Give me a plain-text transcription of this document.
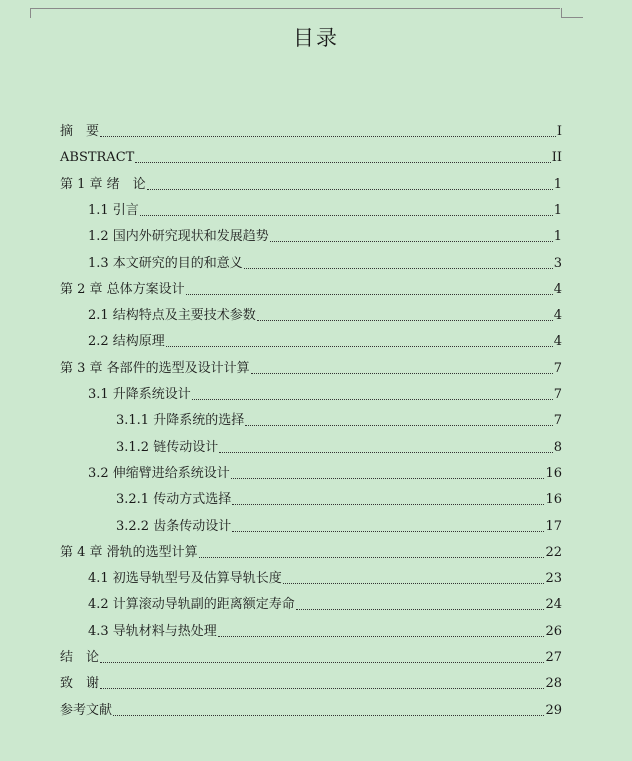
目录
摘　要	I
ABSTRACT	II
第 1 章 绪　论	1
1.1 引言	1
1.2 国内外研究现状和发展趋势	1
1.3 本文研究的目的和意义	3
第 2 章 总体方案设计	4
2.1 结构特点及主要技术参数	4
2.2 结构原理	4
第 3 章 各部件的选型及设计计算	7
3.1 升降系统设计	7
3.1.1 升降系统的选择	7
3.1.2 链传动设计	8
3.2 伸缩臂进给系统设计	16
3.2.1 传动方式选择	16
3.2.2 齿条传动设计	17
第 4 章 滑轨的选型计算	22
4.1 初选导轨型号及估算导轨长度	23
4.2 计算滚动导轨副的距离额定寿命	24
4.3 导轨材料与热处理	26
结　论	27
致　谢	28
参考文献	29
